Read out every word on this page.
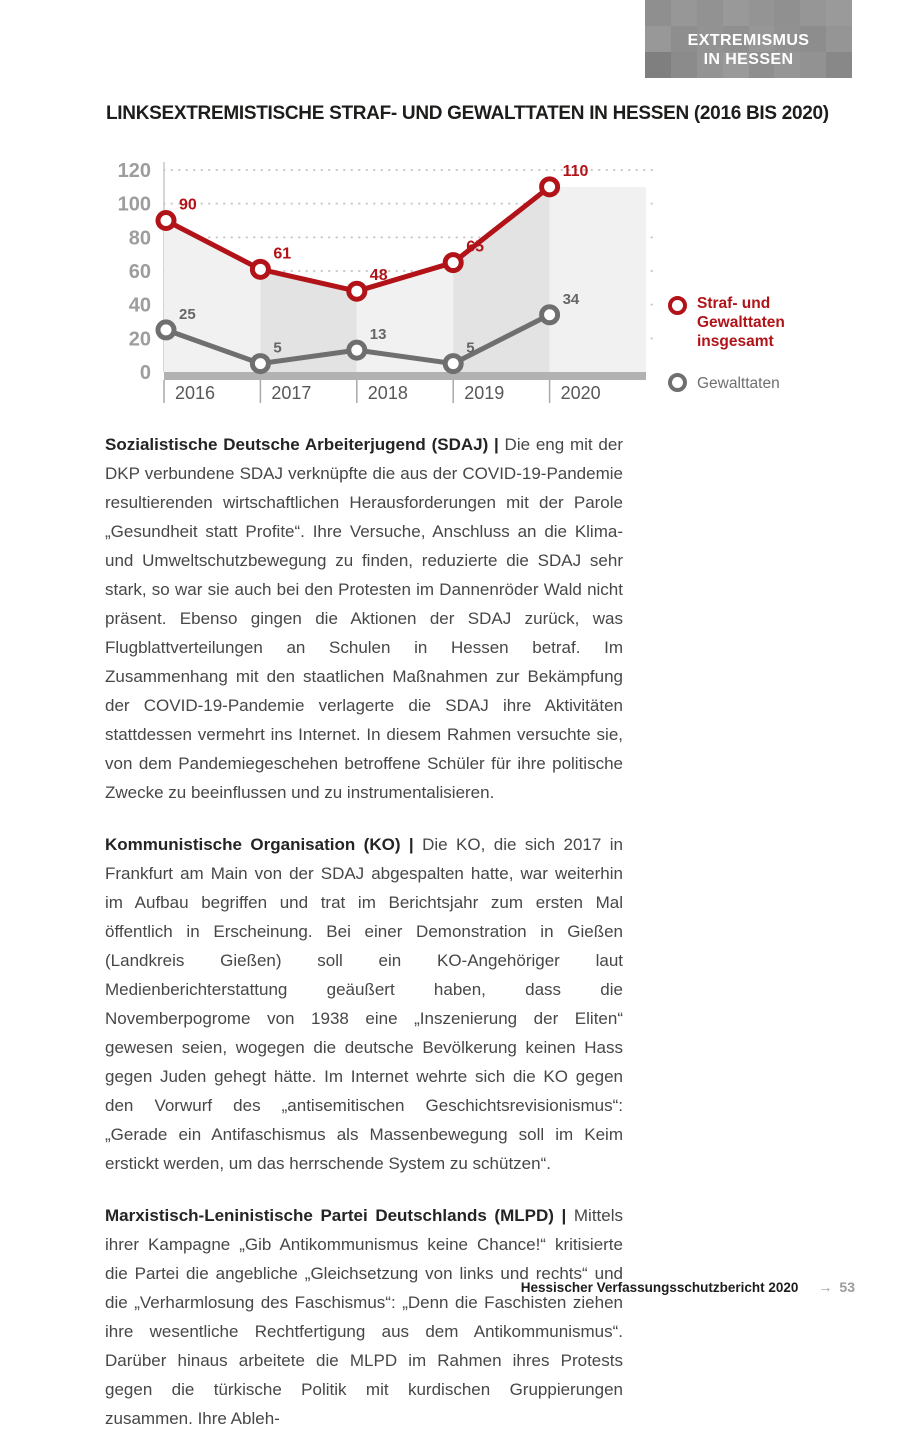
EXTREMISMUS
IN HESSEN
LINKSEXTREMISTISCHE STRAF- UND GEWALTTATEN IN HESSEN (2016 BIS 2020)
2016	2017	2018	2019	2020
0
20
40
60
80
100
120
25
5
13
5
34
90
61
48
65
110
Straf- und Gewalttaten insgesamt
Gewalttaten

Sozialistische Deutsche Arbeiterjugend (SDAJ) | Die eng mit der DKP verbundene SDAJ verknüpfte die aus der COVID-19-Pandemie resultierenden wirtschaftlichen Herausforderungen mit der Parole „Gesundheit statt Profite“. Ihre Versuche, Anschluss an die Klima- und Umweltschutzbewegung zu finden, reduzierte die SDAJ sehr stark, so war sie auch bei den Protesten im Dannenröder Wald nicht präsent. Ebenso gingen die Aktionen der SDAJ zurück, was Flugblattverteilungen an Schulen in Hessen betraf. Im Zusammenhang mit den staatlichen Maßnahmen zur Bekämpfung der COVID-19-Pandemie verlagerte die SDAJ ihre Aktivitäten stattdessen vermehrt ins Internet. In diesem Rahmen versuchte sie, von dem Pandemiegeschehen betroffene Schüler für ihre politische Zwecke zu beeinflussen und zu instrumentalisieren.

Kommunistische Organisation (KO) | Die KO, die sich 2017 in Frankfurt am Main von der SDAJ abgespalten hatte, war weiterhin im Aufbau begriffen und trat im Berichtsjahr zum ersten Mal öffentlich in Erscheinung. Bei einer Demonstration in Gießen (Landkreis Gießen) soll ein KO-Angehöriger laut Medienberichterstattung geäußert haben, dass die Novemberpogrome von 1938 eine „Inszenierung der Eliten“ gewesen seien, wogegen die deutsche Bevölkerung keinen Hass gegen Juden gehegt hätte. Im Internet wehrte sich die KO gegen den Vorwurf des „antisemitischen Geschichtsrevisionismus“: „Gerade ein Antifaschismus als Massenbewegung soll im Keim erstickt werden, um das herrschende System zu schützen“.

Marxistisch-Leninistische Partei Deutschlands (MLPD) | Mittels ihrer Kampagne „Gib Antikommunismus keine Chance!“ kritisierte die Partei die angebliche „Gleichsetzung von links und rechts“ und die „Verharmlosung des Faschismus“: „Denn die Faschisten ziehen ihre wesentliche Rechtfertigung aus dem Antikommunismus“. Darüber hinaus arbeitete die MLPD im Rahmen ihres Protests gegen die türkische Politik mit kurdischen Gruppierungen zusammen. Ihre Ableh-

Hessischer Verfassungsschutzbericht 2020 → 53
